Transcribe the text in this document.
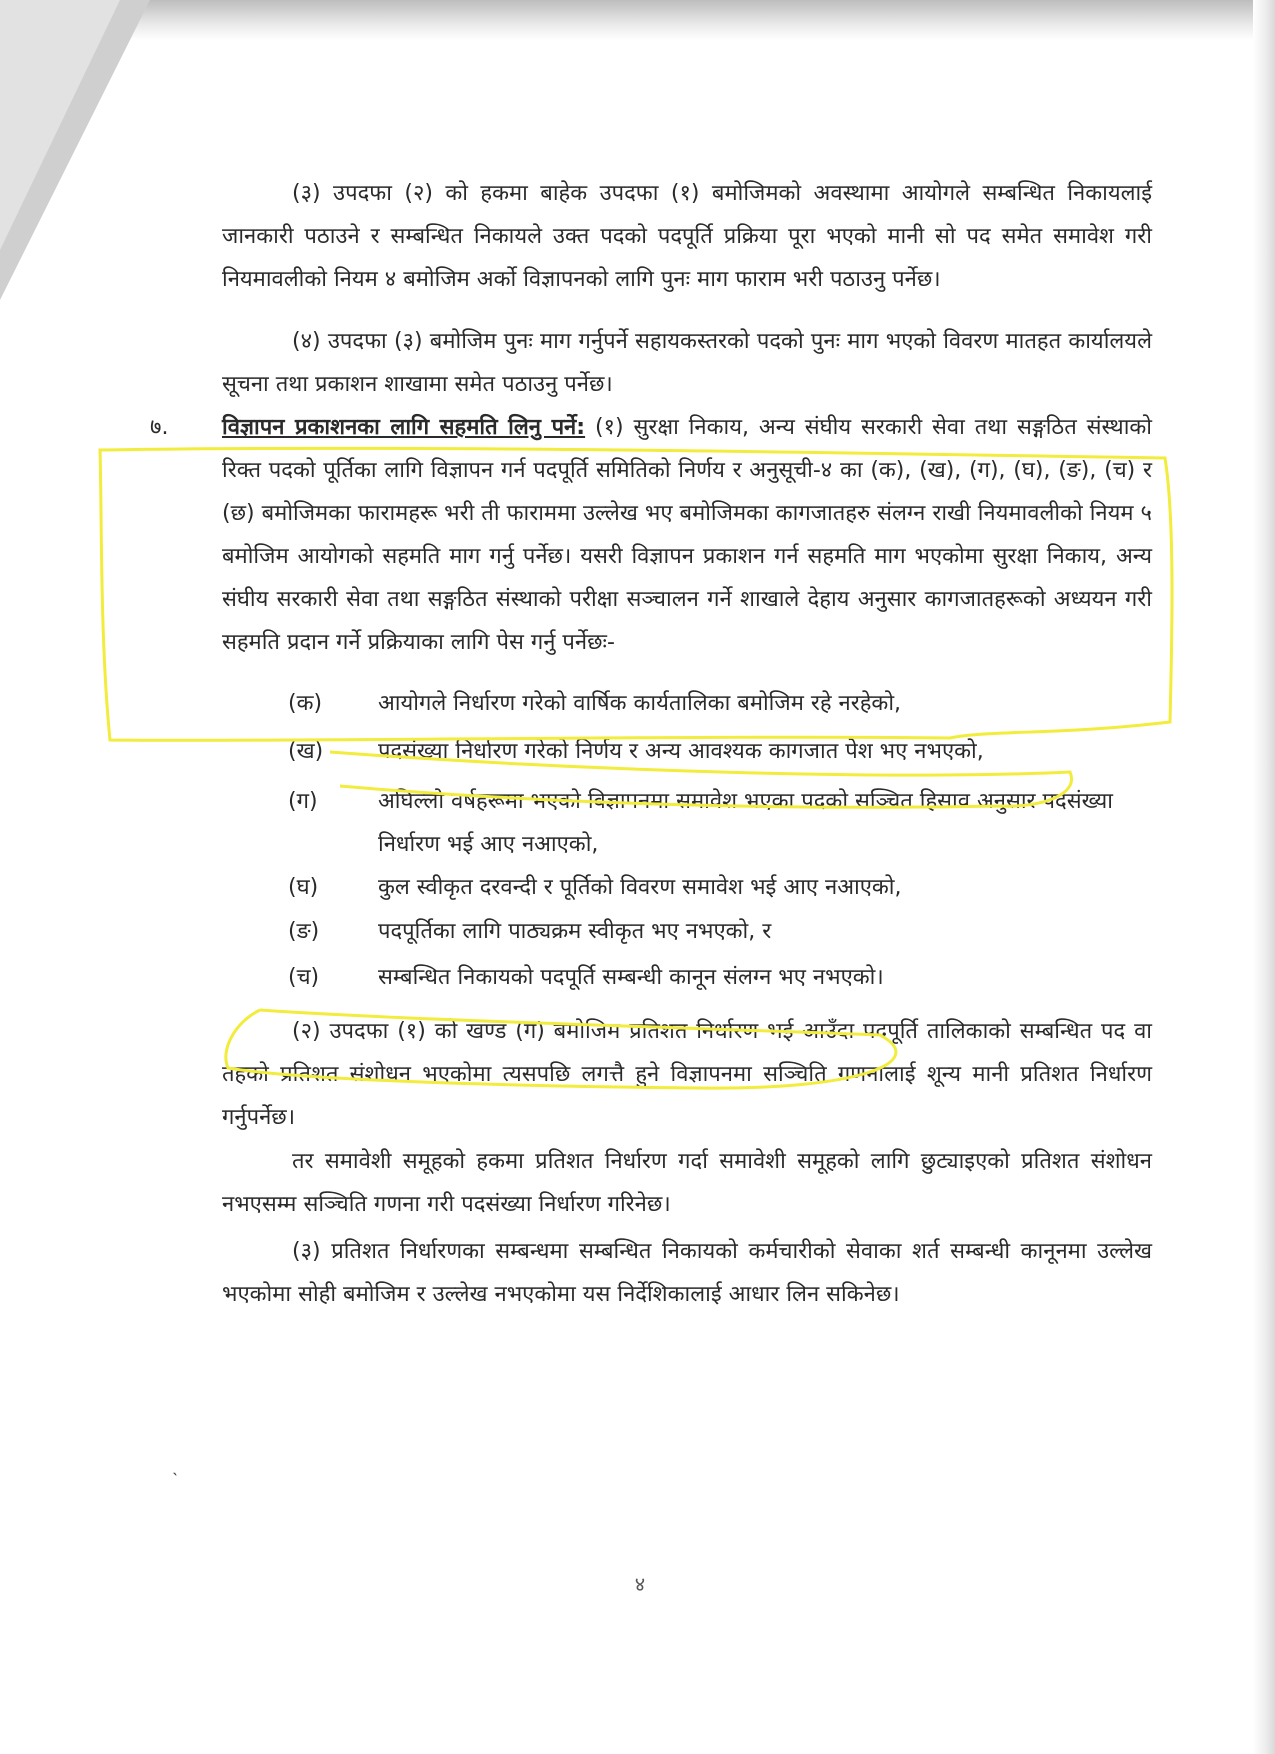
(३) उपदफा (२) को हकमा बाहेक उपदफा (१) बमोजिमको अवस्थामा आयोगले सम्बन्धित निकायलाई जानकारी पठाउने र सम्बन्धित निकायले उक्त पदको पदपूर्ति प्रक्रिया पूरा भएको मानी सो पद समेत समावेश गरी नियमावलीको नियम ४ बमोजिम अर्को विज्ञापनको लागि पुनः माग फाराम भरी पठाउनु पर्नेछ।

(४) उपदफा (३) बमोजिम पुनः माग गर्नुपर्ने सहायकस्तरको पदको पुनः माग भएको विवरण मातहत कार्यालयले सूचना तथा प्रकाशन शाखामा समेत पठाउनु पर्नेछ।

७. विज्ञापन प्रकाशनका लागि सहमति लिनु पर्ने: (१) सुरक्षा निकाय, अन्य संघीय सरकारी सेवा तथा सङ्गठित संस्थाको रिक्त पदको पूर्तिका लागि विज्ञापन गर्न पदपूर्ति समितिको निर्णय र अनुसूची-४ का (क), (ख), (ग), (घ), (ङ), (च) र (छ) बमोजिमका फारामहरू भरी ती फाराममा उल्लेख भए बमोजिमका कागजातहरु संलग्न राखी नियमावलीको नियम ५ बमोजिम आयोगको सहमति माग गर्नु पर्नेछ। यसरी विज्ञापन प्रकाशन गर्न सहमति माग भएकोमा सुरक्षा निकाय, अन्य संघीय सरकारी सेवा तथा सङ्गठित संस्थाको परीक्षा सञ्चालन गर्ने शाखाले देहाय अनुसार कागजातहरूको अध्ययन गरी सहमति प्रदान गर्ने प्रक्रियाका लागि पेस गर्नु पर्नेछः-

(क)	आयोगले निर्धारण गरेको वार्षिक कार्यतालिका बमोजिम रहे नरहेको,
(ख)	पदसंख्या निर्धारण गरेको निर्णय र अन्य आवश्यक कागजात पेश भए नभएको,
(ग)	अघिल्लो वर्षहरूमा भएको विज्ञापनमा समावेश भएका पदको सञ्चित हिसाव अनुसार पदसंख्या निर्धारण भई आए नआएको,
(घ)	कुल स्वीकृत दरवन्दी र पूर्तिको विवरण समावेश भई आए नआएको,
(ङ)	पदपूर्तिका लागि पाठ्यक्रम स्वीकृत भए नभएको, र
(च)	सम्बन्धित निकायको पदपूर्ति सम्बन्धी कानून संलग्न भए नभएको।

(२) उपदफा (१) को खण्ड (ग) बमोजिम प्रतिशत निर्धारण भई आउँदा पदपूर्ति तालिकाको सम्बन्धित पद वा तहको प्रतिशत संशोधन भएकोमा त्यसपछि लगत्तै हुने विज्ञापनमा सञ्चिति गणनालाई शून्य मानी प्रतिशत निर्धारण गर्नुपर्नेछ।

तर समावेशी समूहको हकमा प्रतिशत निर्धारण गर्दा समावेशी समूहको लागि छुट्याइएको प्रतिशत संशोधन नभएसम्म सञ्चिति गणना गरी पदसंख्या निर्धारण गरिनेछ।

(३) प्रतिशत निर्धारणका सम्बन्धमा सम्बन्धित निकायको कर्मचारीको सेवाका शर्त सम्बन्धी कानूनमा उल्लेख भएकोमा सोही बमोजिम र उल्लेख नभएकोमा यस निर्देशिकालाई आधार लिन सकिनेछ।

˴
४
